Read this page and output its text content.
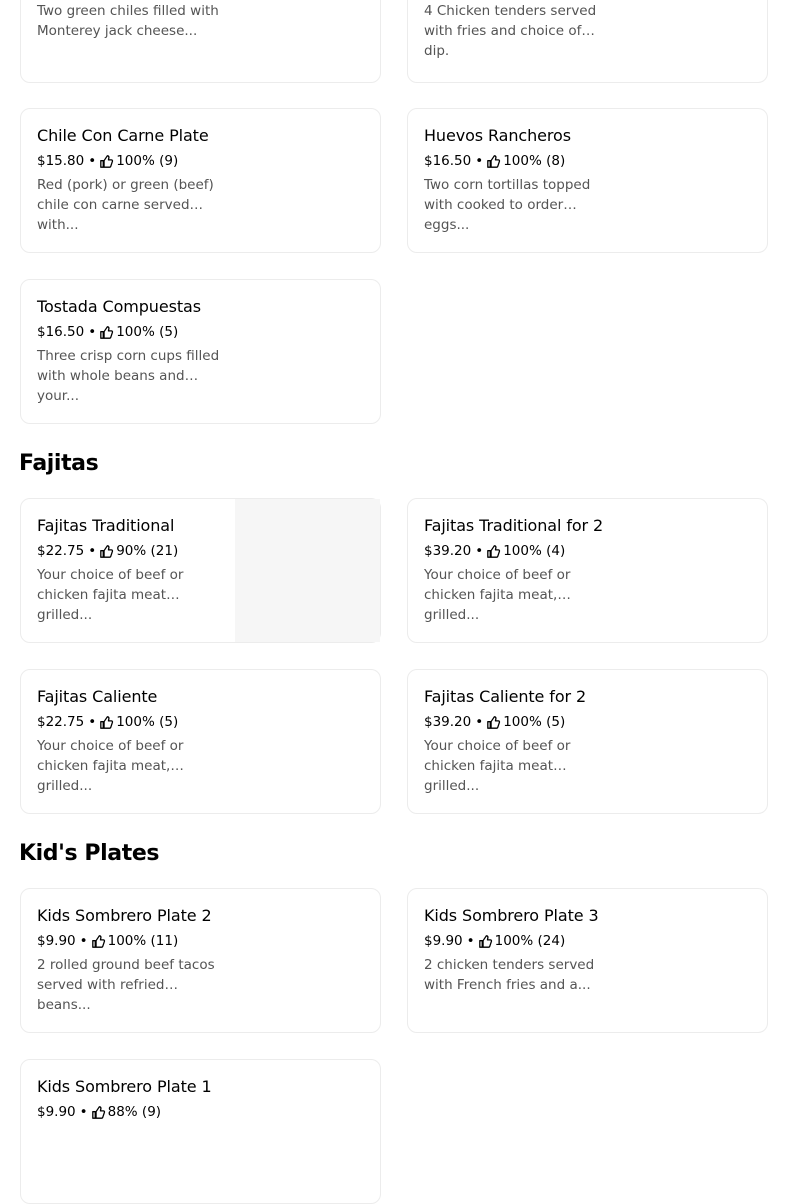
Two green chiles filled with Monterey jack cheese...
4 Chicken tenders served with fries and choice of dip.
Chile Con Carne Plate
$15.80 • 100% (9)
Red (pork) or green (beef) chile con carne served with...
Huevos Rancheros
$16.50 • 100% (8)
Two corn tortillas topped with cooked to order eggs...
Tostada Compuestas
$16.50 • 100% (5)
Three crisp corn cups filled with whole beans and your...
Fajitas
Fajitas Traditional
$22.75 • 90% (21)
Your choice of beef or chicken fajita meat grilled...
Fajitas Traditional for 2
$39.20 • 100% (4)
Your choice of beef or chicken fajita meat, grilled...
Fajitas Caliente
$22.75 • 100% (5)
Your choice of beef or chicken fajita meat, grilled...
Fajitas Caliente for 2
$39.20 • 100% (5)
Your choice of beef or chicken fajita meat grilled...
Kid's Plates
Kids Sombrero Plate 2
$9.90 • 100% (11)
2 rolled ground beef tacos served with refried beans...
Kids Sombrero Plate 3
$9.90 • 100% (24)
2 chicken tenders served with French fries and a...
Kids Sombrero Plate 1
$9.90 • 88% (9)
